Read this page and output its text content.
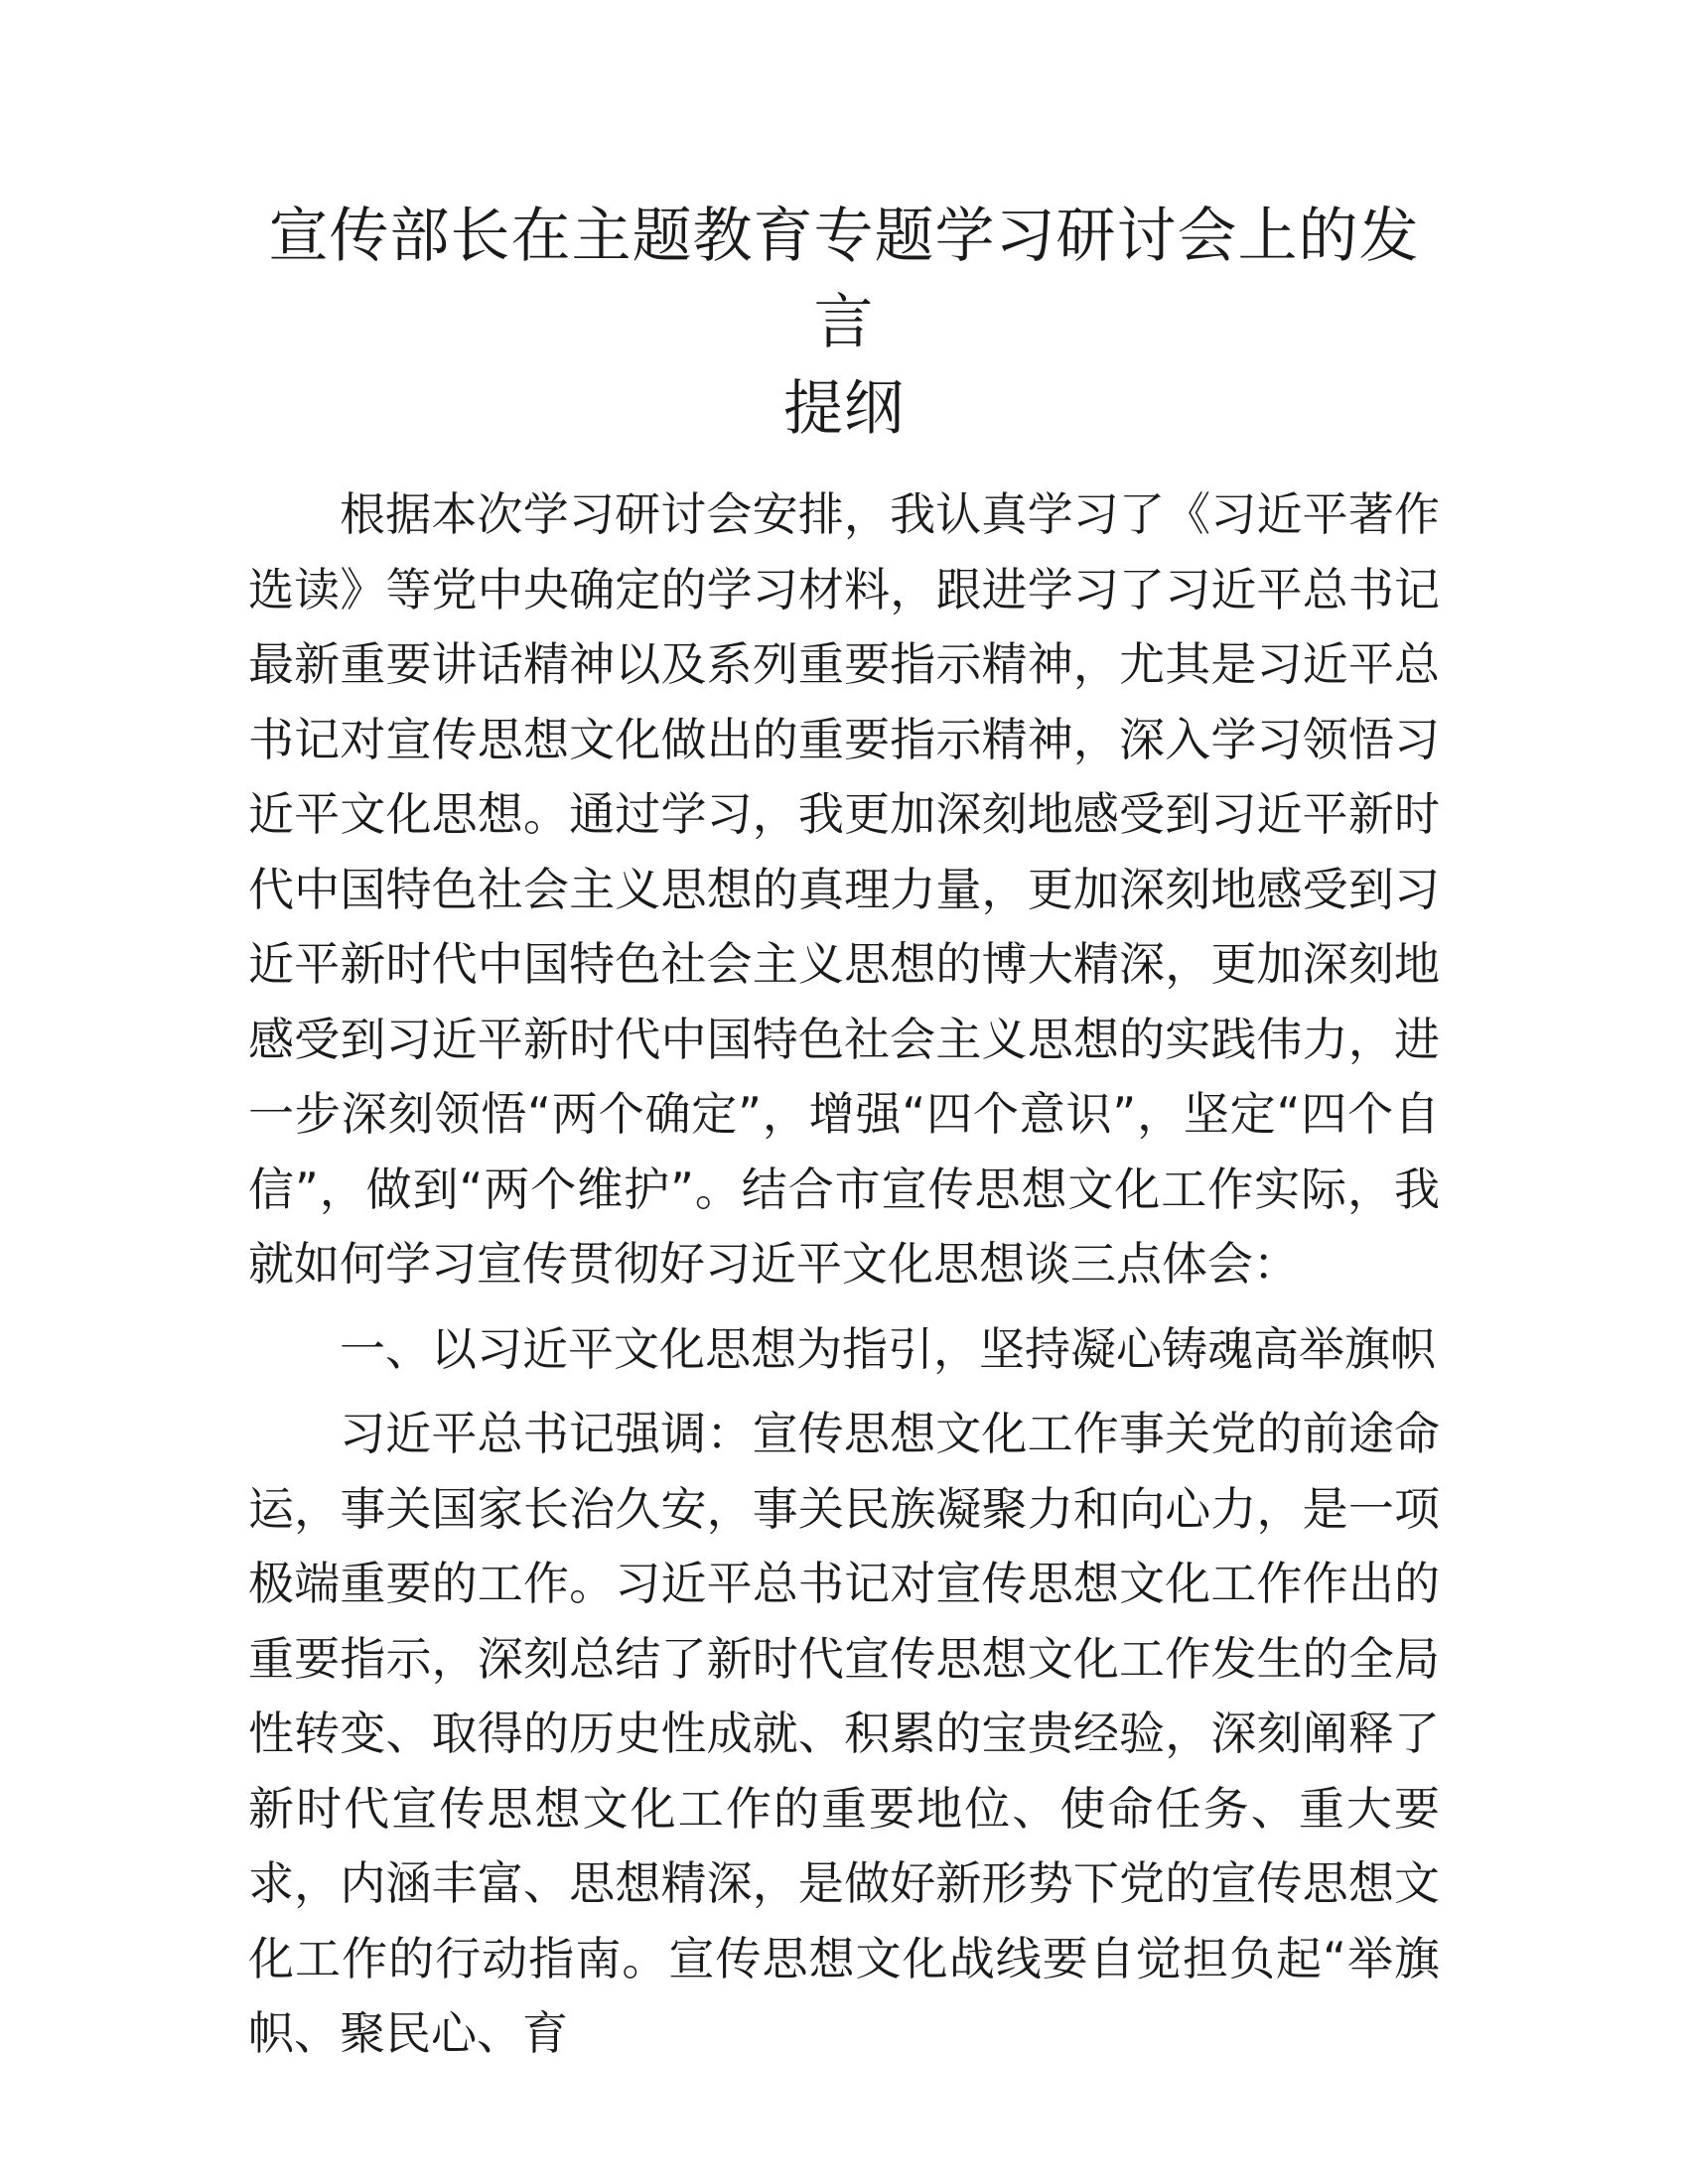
宣传部长在主题教育专题学习研讨会上的发言
提纲

根据本次学习研讨会安排，我认真学习了《习近平著作选读》等党中央确定的学习材料，跟进学习了习近平总书记最新重要讲话精神以及系列重要指示精神，尤其是习近平总书记对宣传思想文化做出的重要指示精神，深入学习领悟习近平文化思想。通过学习，我更加深刻地感受到习近平新时代中国特色社会主义思想的真理力量，更加深刻地感受到习近平新时代中国特色社会主义思想的博大精深，更加深刻地感受到习近平新时代中国特色社会主义思想的实践伟力，进一步深刻领悟“两个确定”，增强“四个意识”，坚定“四个自信”，做到“两个维护”。结合市宣传思想文化工作实际，我就如何学习宣传贯彻好习近平文化思想谈三点体会：

一、以习近平文化思想为指引，坚持凝心铸魂高举旗帜

习近平总书记强调：宣传思想文化工作事关党的前途命运，事关国家长治久安，事关民族凝聚力和向心力，是一项极端重要的工作。习近平总书记对宣传思想文化工作作出的重要指示，深刻总结了新时代宣传思想文化工作发生的全局性转变、取得的历史性成就、积累的宝贵经验，深刻阐释了新时代宣传思想文化工作的重要地位、使命任务、重大要求，内涵丰富、思想精深，是做好新形势下党的宣传思想文化工作的行动指南。宣传思想文化战线要自觉担负起“举旗帜、聚民心、育
